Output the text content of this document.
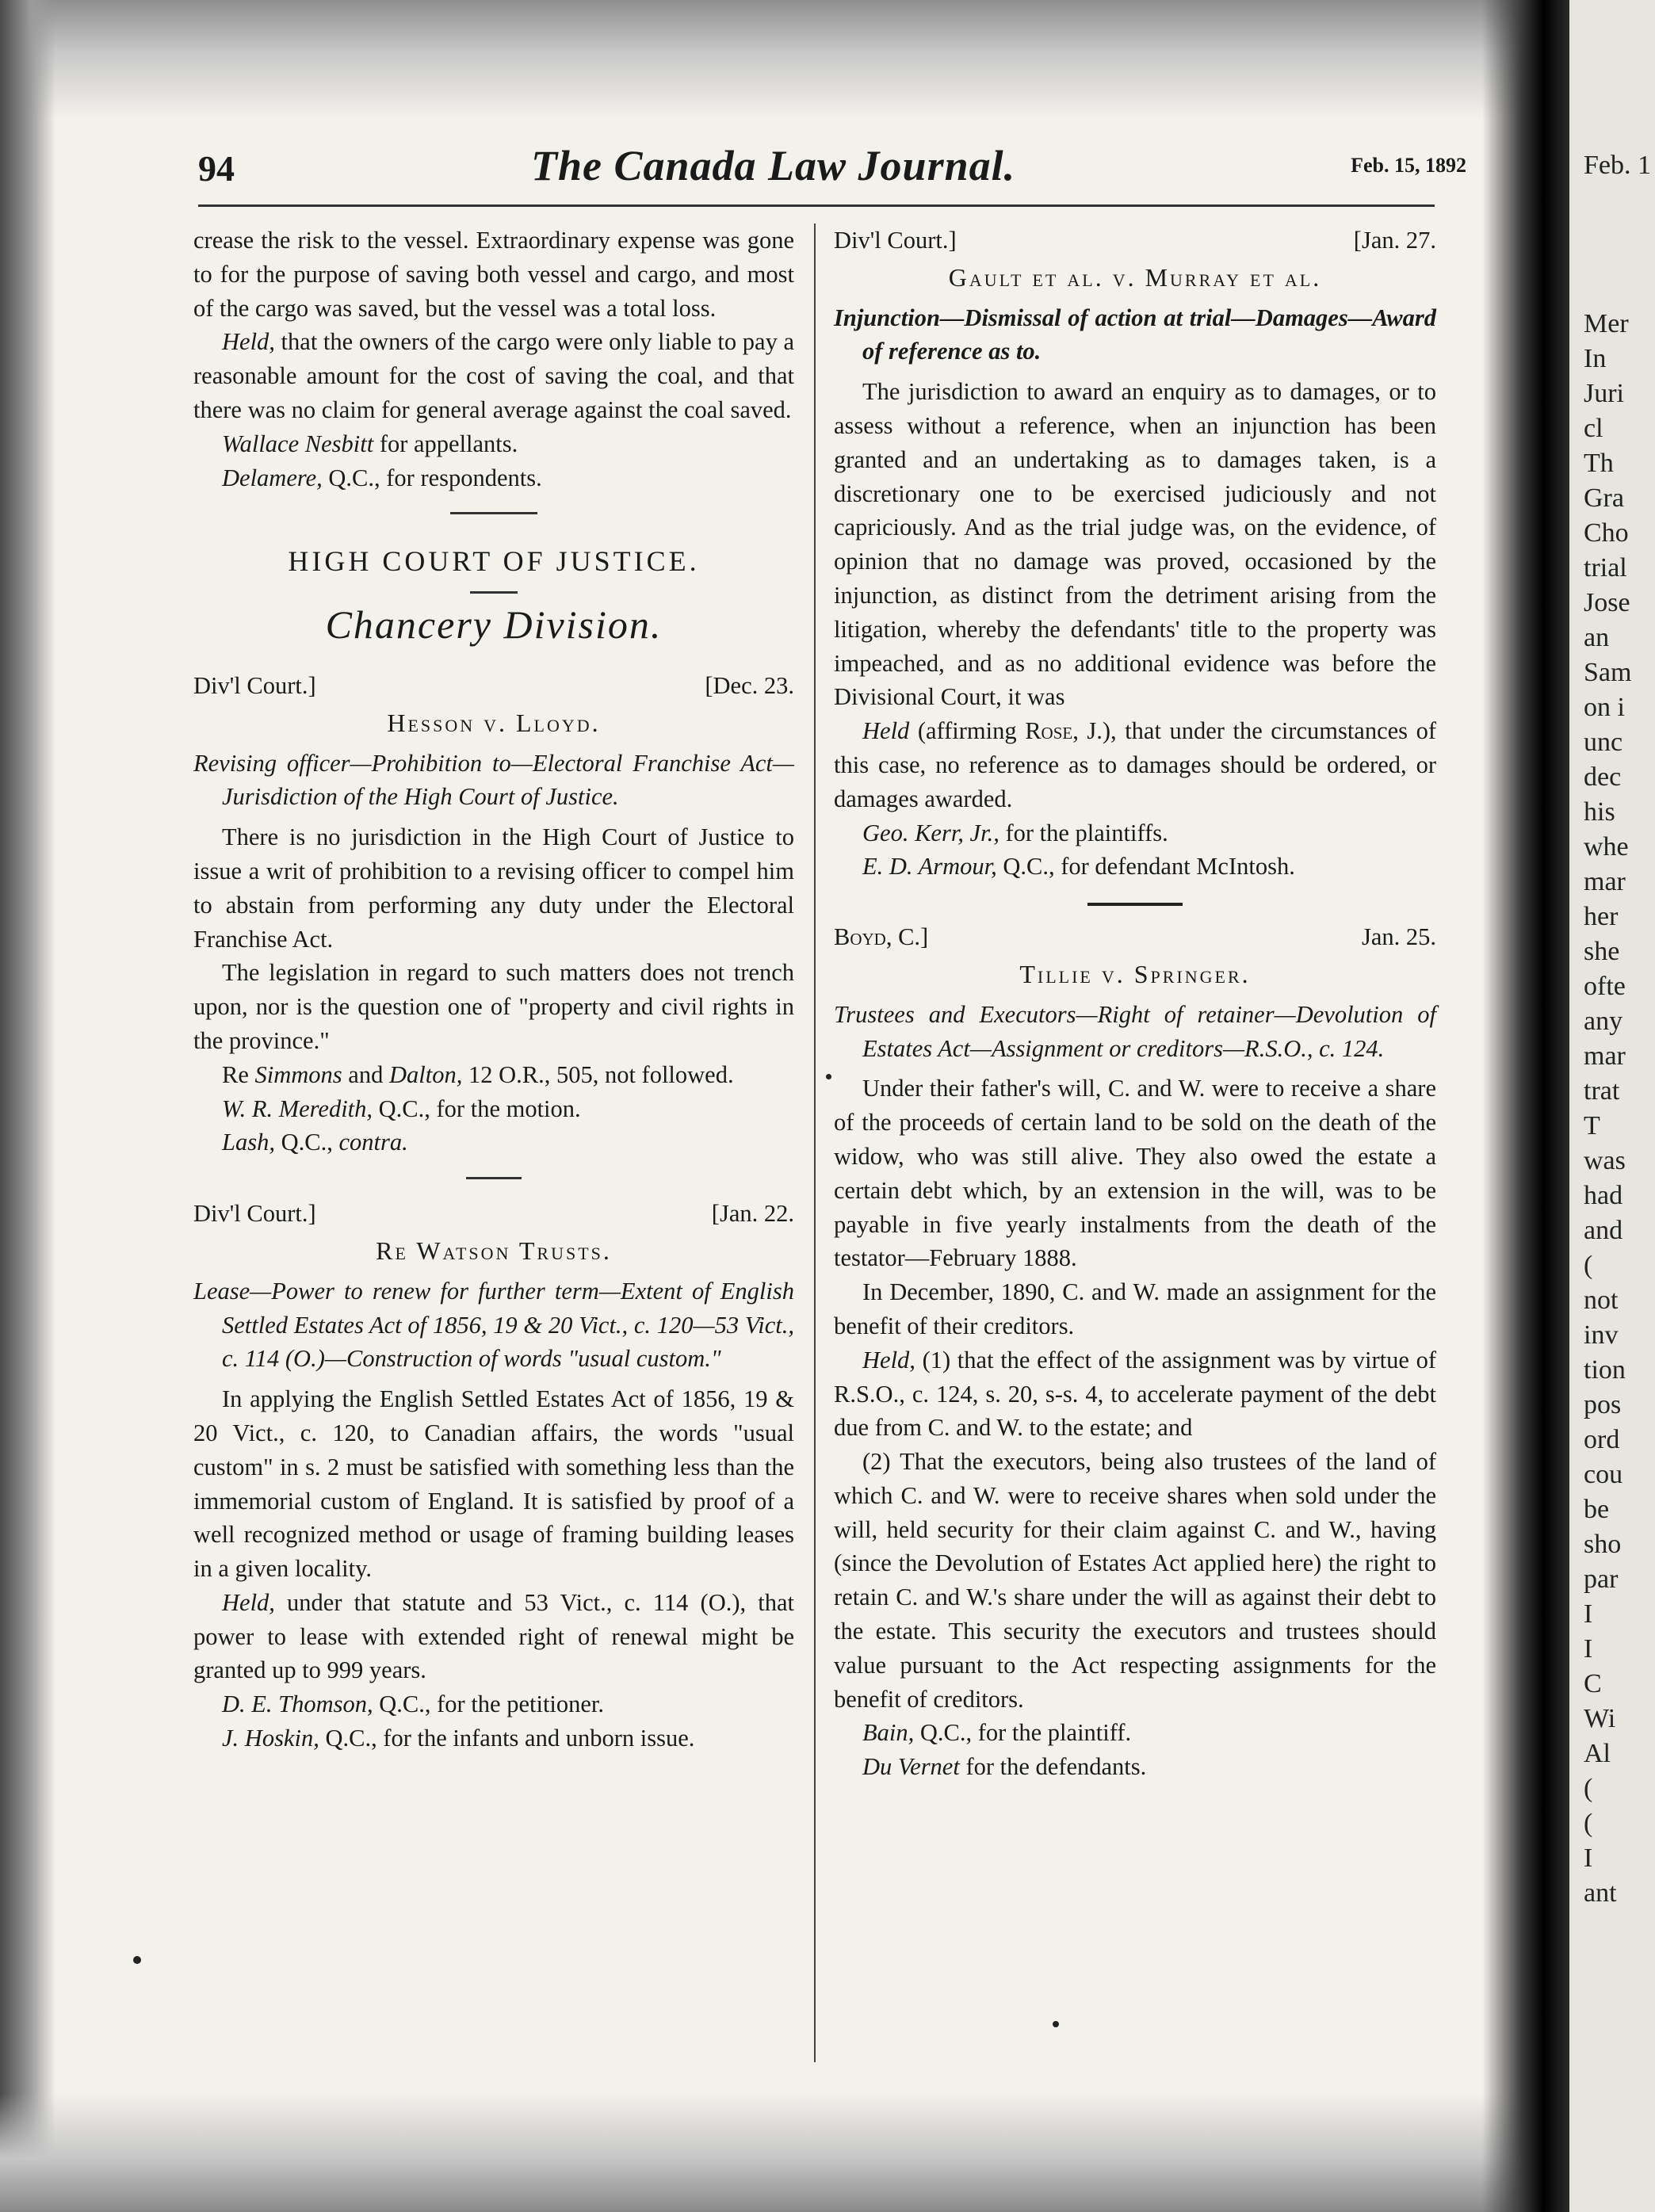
Feb. 1
Mer
In
Juri
cl
Th
Gra
Cho
trial
Jose
an
Sam
on i
unc
dec
his
whe
mar
her
she
ofte
any
mar
trat
T
was
had
and
(
not
inv
tion
pos
ord
cou
be
sho
par
I
I
C
Wi
Al
(
(
I
ant
94	The Canada Law Journal.	Feb. 15, 1892

crease the risk to the vessel. Extraordinary expense was gone to for the purpose of saving both vessel and cargo, and most of the cargo was saved, but the vessel was a total loss.

Held, that the owners of the cargo were only liable to pay a reasonable amount for the cost of saving the coal, and that there was no claim for general average against the coal saved.

Wallace Nesbitt for appellants.

Delamere, Q.C., for respondents.

HIGH COURT OF JUSTICE.
Chancery Division.
Div'l Court.]	[Dec. 23.
Hesson v. Lloyd.

Revising officer—Prohibition to—Electoral Franchise Act—Jurisdiction of the High Court of Justice.

There is no jurisdiction in the High Court of Justice to issue a writ of prohibition to a revising officer to compel him to abstain from performing any duty under the Electoral Franchise Act.

The legislation in regard to such matters does not trench upon, nor is the question one of "property and civil rights in the province."

Re Simmons and Dalton, 12 O.R., 505, not followed.

W. R. Meredith, Q.C., for the motion.

Lash, Q.C., contra.

Div'l Court.]	[Jan. 22.
Re Watson Trusts.

Lease—Power to renew for further term—Extent of English Settled Estates Act of 1856, 19 & 20 Vict., c. 120—53 Vict., c. 114 (O.)—Construction of words "usual custom."

In applying the English Settled Estates Act of 1856, 19 & 20 Vict., c. 120, to Canadian affairs, the words "usual custom" in s. 2 must be satisfied with something less than the immemorial custom of England. It is satisfied by proof of a well recognized method or usage of framing building leases in a given locality.

Held, under that statute and 53 Vict., c. 114 (O.), that power to lease with extended right of renewal might be granted up to 999 years.

D. E. Thomson, Q.C., for the petitioner.

J. Hoskin, Q.C., for the infants and unborn issue.

Div'l Court.]	[Jan. 27.
Gault et al. v. Murray et al.

Injunction—Dismissal of action at trial—Damages—Award of reference as to.

The jurisdiction to award an enquiry as to damages, or to assess without a reference, when an injunction has been granted and an undertaking as to damages taken, is a discretionary one to be exercised judiciously and not capriciously. And as the trial judge was, on the evidence, of opinion that no damage was proved, occasioned by the injunction, as distinct from the detriment arising from the litigation, whereby the defendants' title to the property was impeached, and as no additional evidence was before the Divisional Court, it was

Held (affirming Rose, J.), that under the circumstances of this case, no reference as to damages should be ordered, or damages awarded.

Geo. Kerr, Jr., for the plaintiffs.

E. D. Armour, Q.C., for defendant McIntosh.

Boyd, C.]	Jan. 25.
Tillie v. Springer.

Trustees and Executors—Right of retainer—Devolution of Estates Act—Assignment or creditors—R.S.O., c. 124.

Under their father's will, C. and W. were to receive a share of the proceeds of certain land to be sold on the death of the widow, who was still alive. They also owed the estate a certain debt which, by an extension in the will, was to be payable in five yearly instalments from the death of the testator—February 1888.

In December, 1890, C. and W. made an assignment for the benefit of their creditors.

Held, (1) that the effect of the assignment was by virtue of R.S.O., c. 124, s. 20, s-s. 4, to accelerate payment of the debt due from C. and W. to the estate; and

(2) That the executors, being also trustees of the land of which C. and W. were to receive shares when sold under the will, held security for their claim against C. and W., having (since the Devolution of Estates Act applied here) the right to retain C. and W.'s share under the will as against their debt to the estate. This security the executors and trustees should value pursuant to the Act respecting assignments for the benefit of creditors.

Bain, Q.C., for the plaintiff.

Du Vernet for the defendants.
